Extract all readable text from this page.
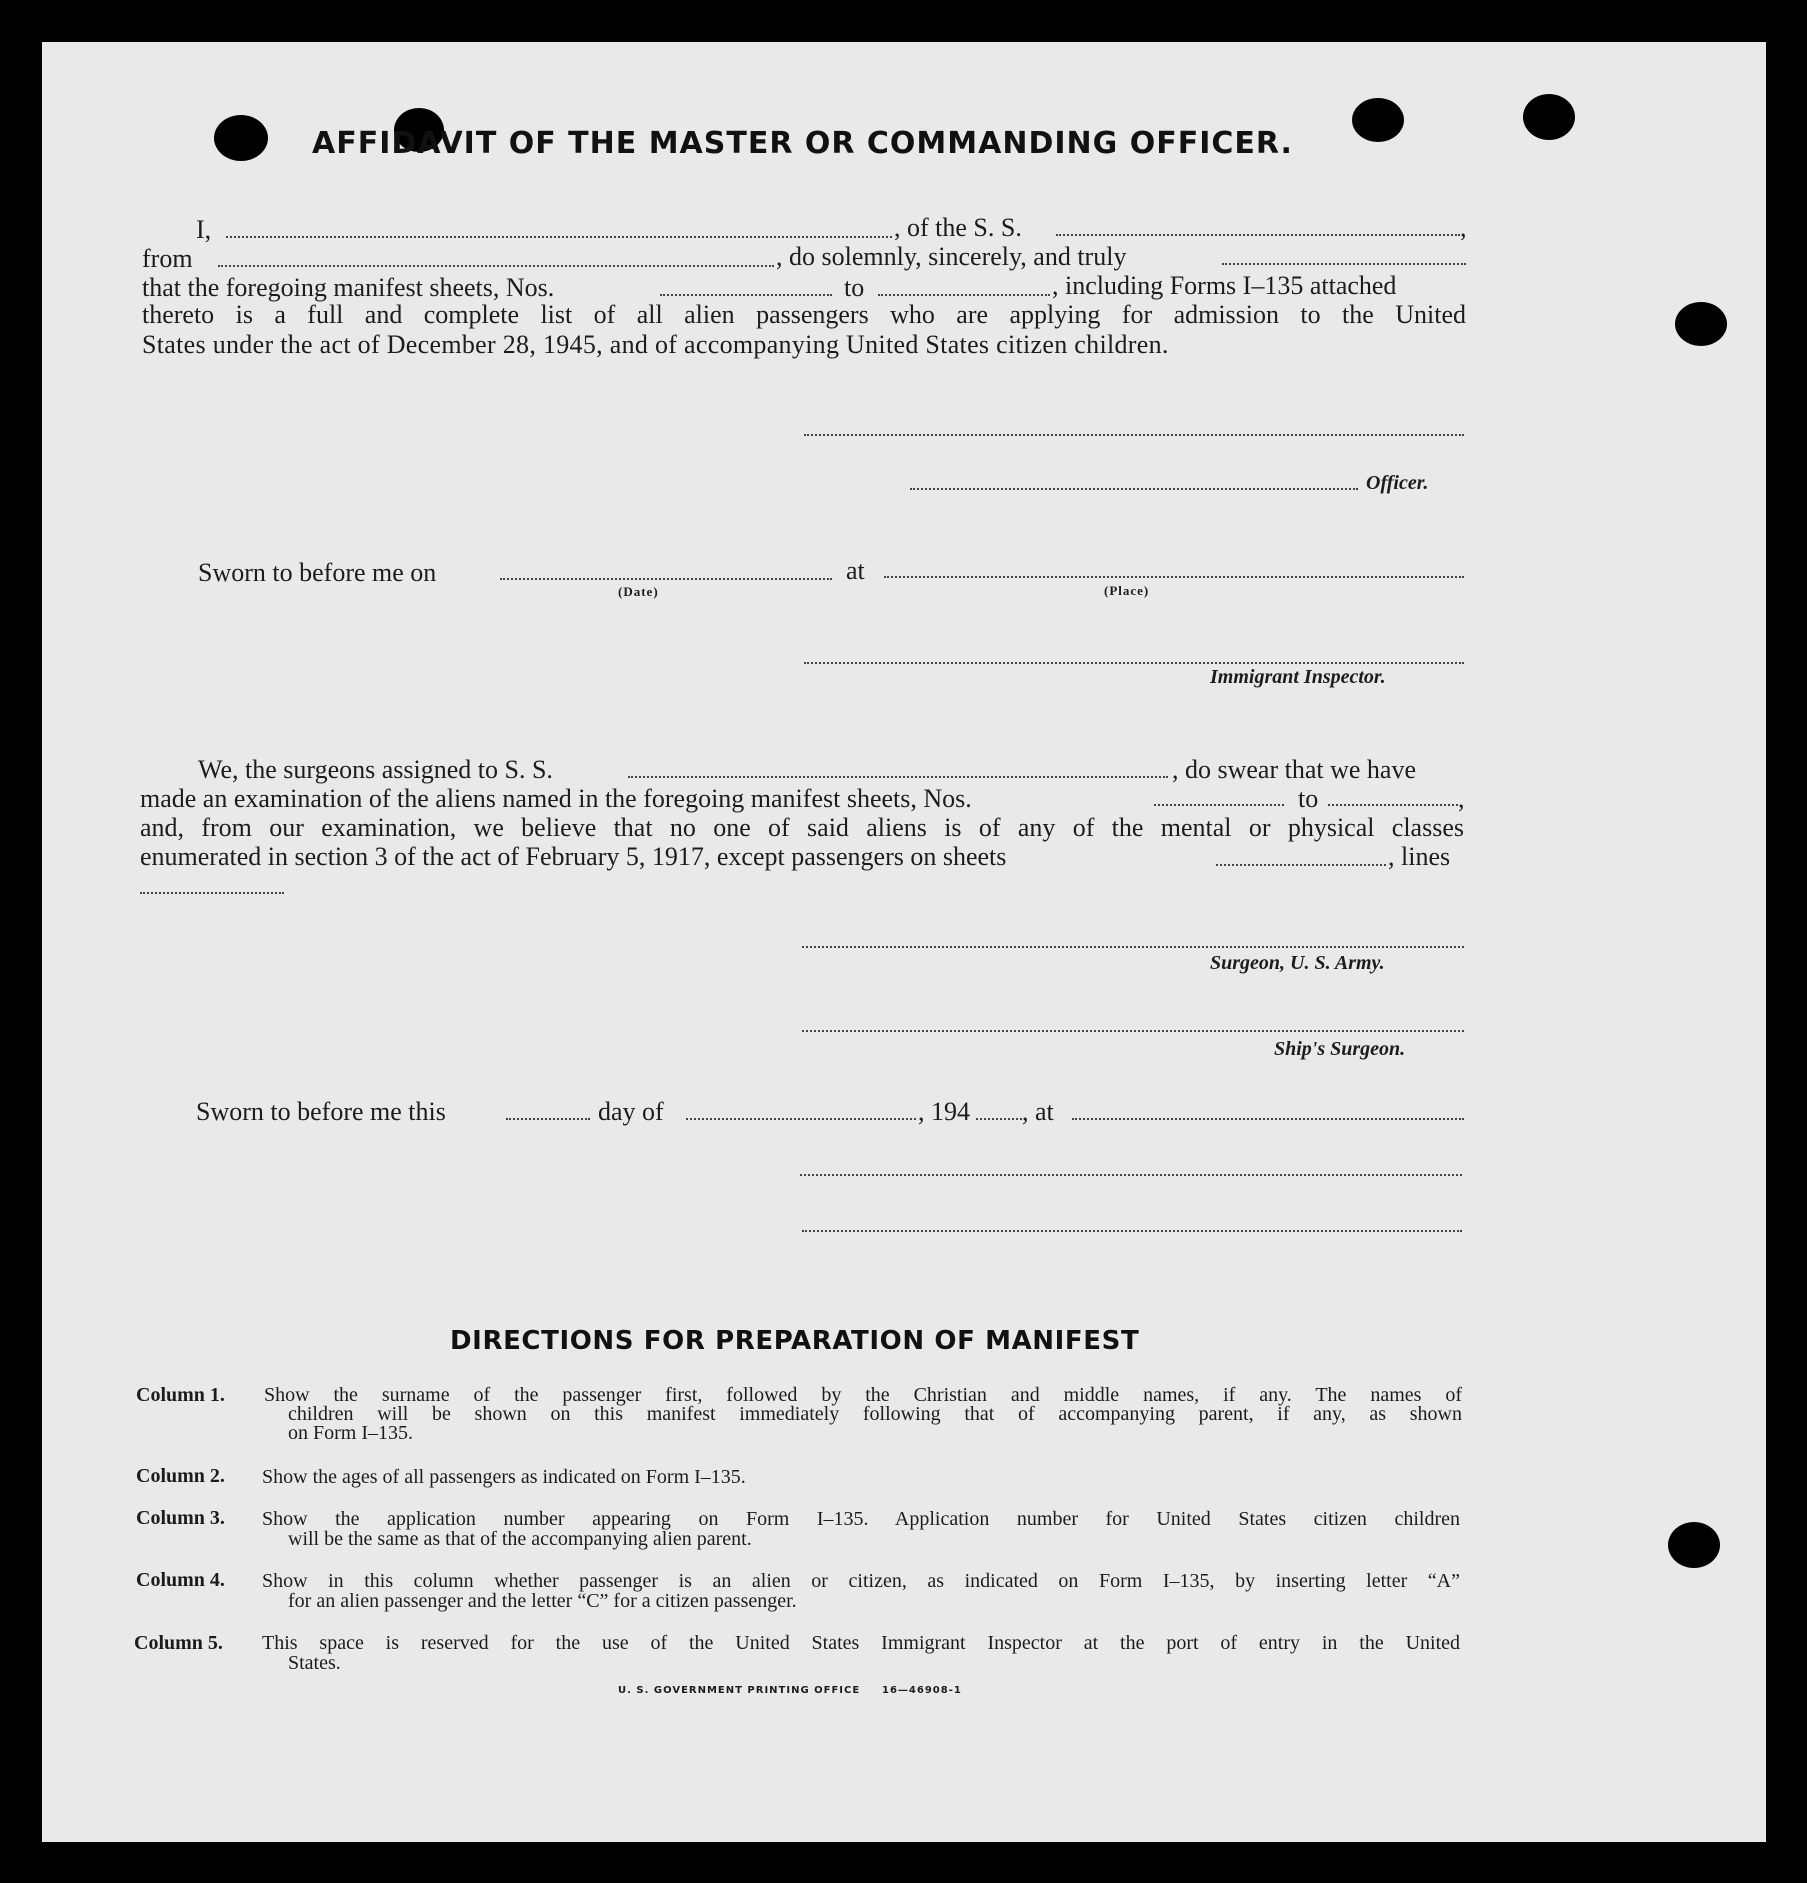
AFFIDAVIT OF THE MASTER OR COMMANDING OFFICER.
I,	, of the S. S.	,
from	, do solemnly, sincerely, and truly
that the foregoing manifest sheets, Nos.	to	, including Forms I–135 attached
thereto is a full and complete list of all alien passengers who are applying for admission to the United
States under the act of December 28, 1945, and of accompanying United States citizen children.
Officer.
Sworn to before me on
(Date)
at
(Place)
Immigrant Inspector.
We, the surgeons assigned to S. S.	, do swear that we have
made an examination of the aliens named in the foregoing manifest sheets, Nos.	to	,
and, from our examination, we believe that no one of said aliens is of any of the mental or physical classes
enumerated in section 3 of the act of February 5, 1917, except passengers on sheets	, lines
Surgeon, U. S. Army.
Ship's Surgeon.
Sworn to before me this	day of	, 194 , at
DIRECTIONS FOR PREPARATION OF MANIFEST
Column 1. Show the surname of the passenger first, followed by the Christian and middle names, if any. The names of
children will be shown on this manifest immediately following that of accompanying parent, if any, as shown
on Form I–135.
Column 2. Show the ages of all passengers as indicated on Form I–135.
Column 3. Show the application number appearing on Form I–135. Application number for United States citizen children
will be the same as that of the accompanying alien parent.
Column 4. Show in this column whether passenger is an alien or citizen, as indicated on Form I–135, by inserting letter “A”
for an alien passenger and the letter “C” for a citizen passenger.
Column 5. This space is reserved for the use of the United States Immigrant Inspector at the port of entry in the United
States.
U. S. GOVERNMENT PRINTING OFFICE 16—46908-1
